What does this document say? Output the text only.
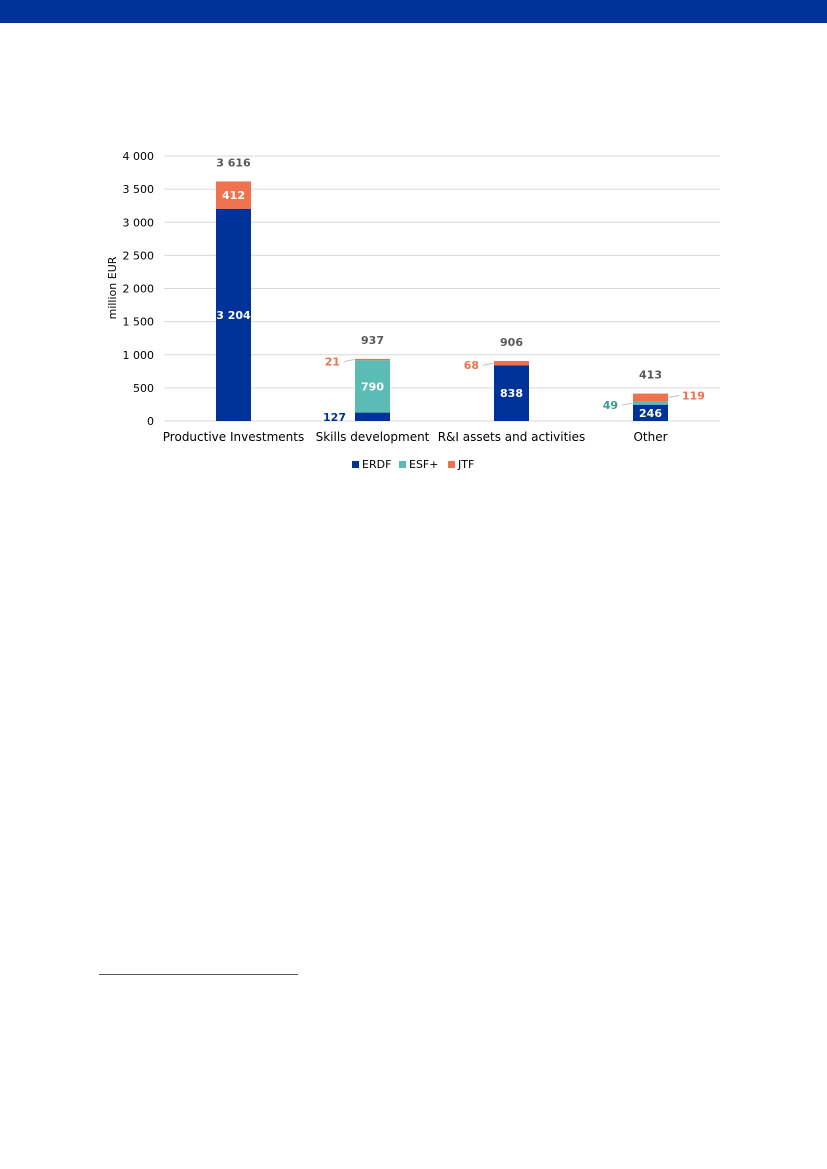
0
500
1 000
1 500
2 000
2 500
3 000
3 500
4 000
million EUR	3 204
412
3 616
127
790
21
937
838
68
906
246
49
119
413
Productive Investments Skills development R&I assets and activities	Other
ERDF ESF+ JTF
